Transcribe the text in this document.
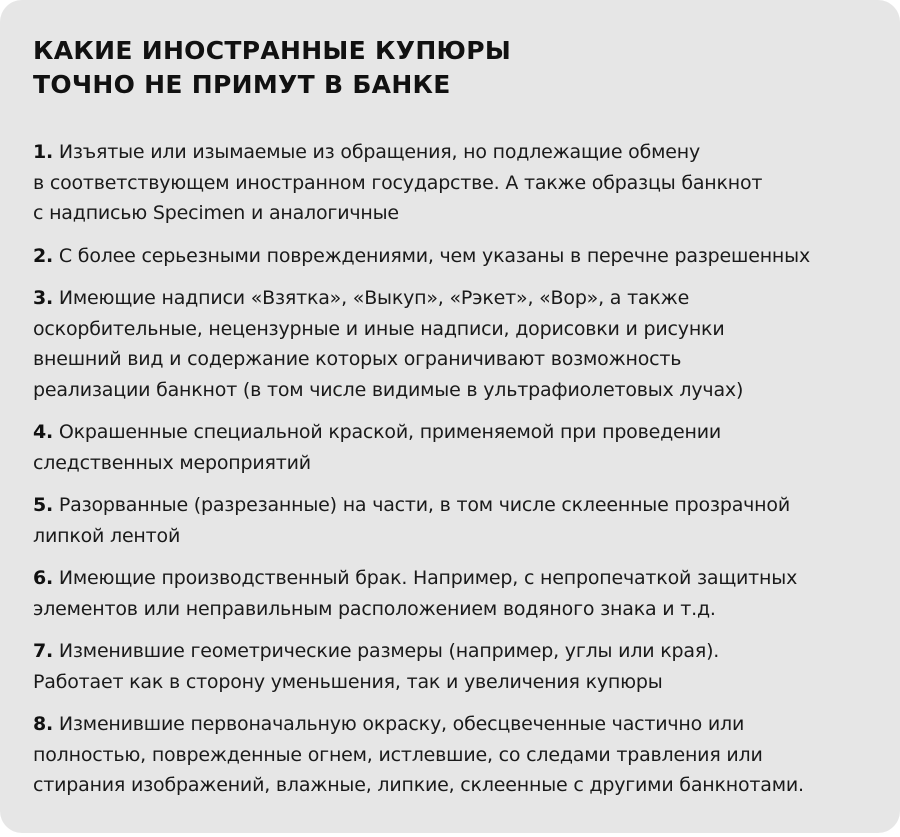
КАКИЕ ИНОСТРАННЫЕ КУПЮРЫ
ТОЧНО НЕ ПРИМУТ В БАНКЕ
1. Изъятые или изымаемые из обращения, но подлежащие обмену
в соответствующем иностранном государстве. А также образцы банкнот
с надписью Specimen и аналогичные
2. С более серьезными повреждениями, чем указаны в перечне разрешенных
3. Имеющие надписи «Взятка», «Выкуп», «Рэкет», «Вор», а также
оскорбительные, нецензурные и иные надписи, дорисовки и рисунки
внешний вид и содержание которых ограничивают возможность
реализации банкнот (в том числе видимые в ультрафиолетовых лучах)
4. Окрашенные специальной краской, применяемой при проведении
следственных мероприятий
5. Разорванные (разрезанные) на части, в том числе склеенные прозрачной
липкой лентой
6. Имеющие производственный брак. Например, с непропечаткой защитных
элементов или неправильным расположением водяного знака и т.д.
7. Изменившие геометрические размеры (например, углы или края).
Работает как в сторону уменьшения, так и увеличения купюры
8. Изменившие первоначальную окраску, обесцвеченные частично или
полностью, поврежденные огнем, истлевшие, со следами травления или
стирания изображений, влажные, липкие, склеенные с другими банкнотами.
